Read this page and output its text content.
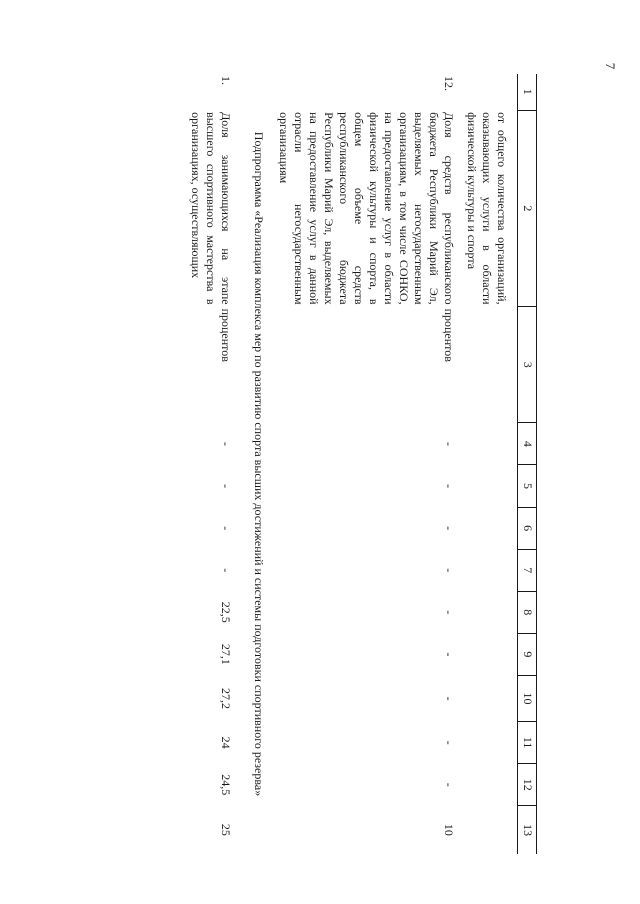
7
1	2	3	4	5	6	7	8	9	10	11	12	13
	от общего количества организаций, оказывающих услуги в области физической культуры и спорта											
12.	Доля средств республиканского бюджета Республики Марий Эл, выделяемых негосударственным организациям, в том числе СОНКО, на предоставление услуг в области физической культуры и спорта, в общем объеме средств республиканского бюджета Республики Марий Эл, выделяемых на предоставление услуг в данной отрасли негосударственным организациям	процентов	-	-	-	-	-	-	-	-	-	10
Подпрограмма «Реализация комплекса мер по развитию спорта высших достижений и системы подготовки спортивного резерва»												
1.	Доля занимающихся на этапе высшего спортивного мастерства в организациях, осуществляющих	процентов	-	-	-	-	22,5	27,1	27,2	24	24,5	25
